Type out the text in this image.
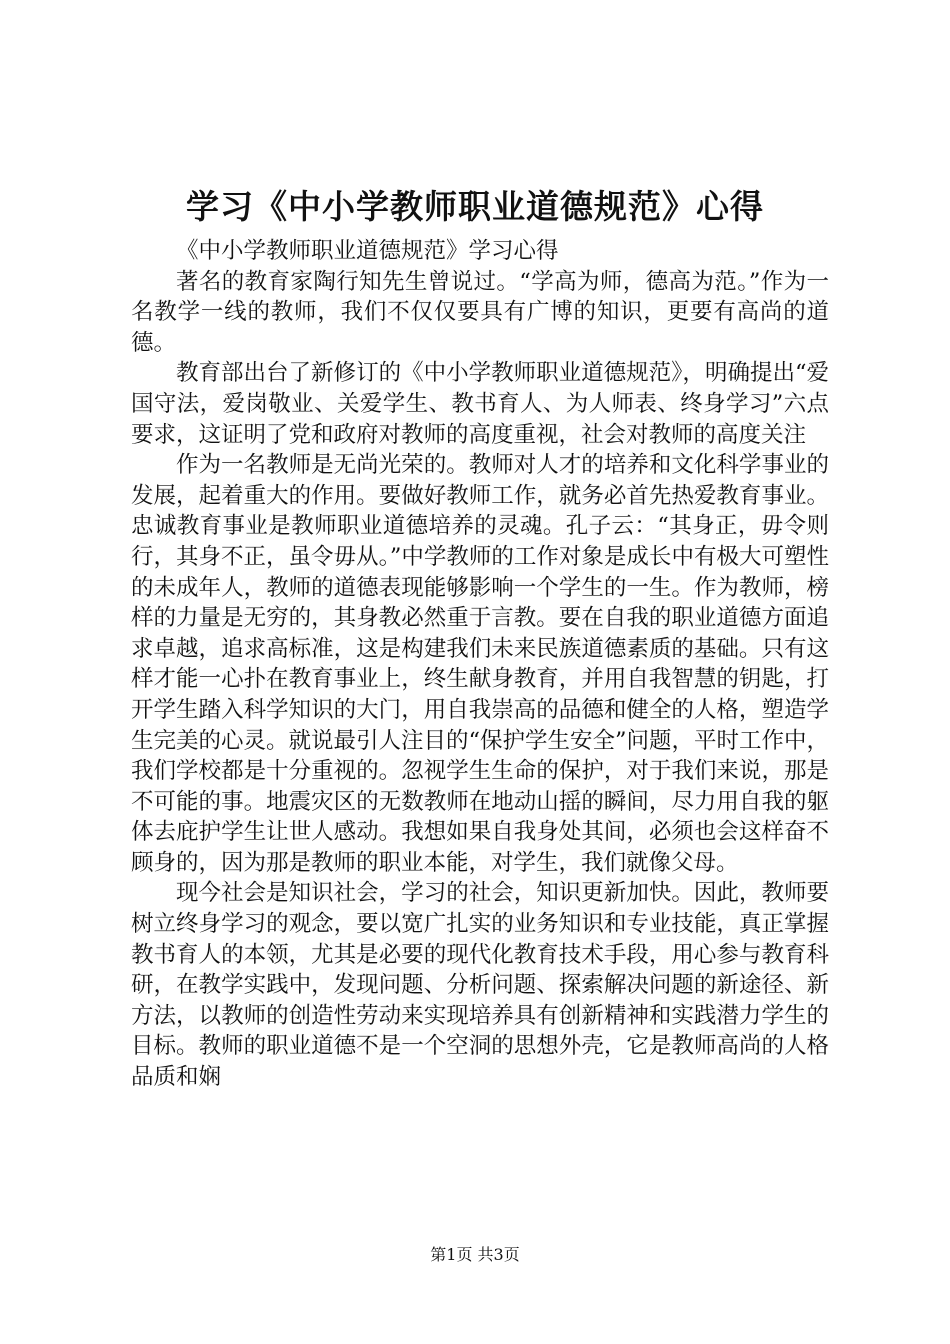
学习《中小学教师职业道德规范》心得

《中小学教师职业道德规范》学习心得

著名的教育家陶行知先生曾说过。“学高为师，德高为范。”作为一名教学一线的教师，我们不仅仅要具有广博的知识，更要有高尚的道德。

教育部出台了新修订的《中小学教师职业道德规范》，明确提出“爱国守法，爱岗敬业、关爱学生、教书育人、为人师表、终身学习”六点要求，这证明了党和政府对教师的高度重视，社会对教师的高度关注

作为一名教师是无尚光荣的。教师对人才的培养和文化科学事业的发展，起着重大的作用。要做好教师工作，就务必首先热爱教育事业。忠诚教育事业是教师职业道德培养的灵魂。孔子云：“其身正，毋令则行，其身不正，虽令毋从。”中学教师的工作对象是成长中有极大可塑性的未成年人，教师的道德表现能够影响一个学生的一生。作为教师，榜样的力量是无穷的，其身教必然重于言教。要在自我的职业道德方面追求卓越，追求高标准，这是构建我们未来民族道德素质的基础。只有这样才能一心扑在教育事业上，终生献身教育，并用自我智慧的钥匙，打开学生踏入科学知识的大门，用自我崇高的品德和健全的人格，塑造学生完美的心灵。就说最引人注目的“保护学生安全”问题，平时工作中，我们学校都是十分重视的。忽视学生生命的保护，对于我们来说，那是不可能的事。地震灾区的无数教师在地动山摇的瞬间，尽力用自我的躯体去庇护学生让世人感动。我想如果自我身处其间，必须也会这样奋不顾身的，因为那是教师的职业本能，对学生，我们就像父母。

现今社会是知识社会，学习的社会，知识更新加快。因此，教师要树立终身学习的观念，要以宽广扎实的业务知识和专业技能，真正掌握教书育人的本领，尤其是必要的现代化教育技术手段，用心参与教育科研，在教学实践中，发现问题、分析问题、探索解决问题的新途径、新方法，以教师的创造性劳动来实现培养具有创新精神和实践潜力学生的目标。教师的职业道德不是一个空洞的思想外壳，它是教师高尚的人格品质和娴

第1页 共3页
